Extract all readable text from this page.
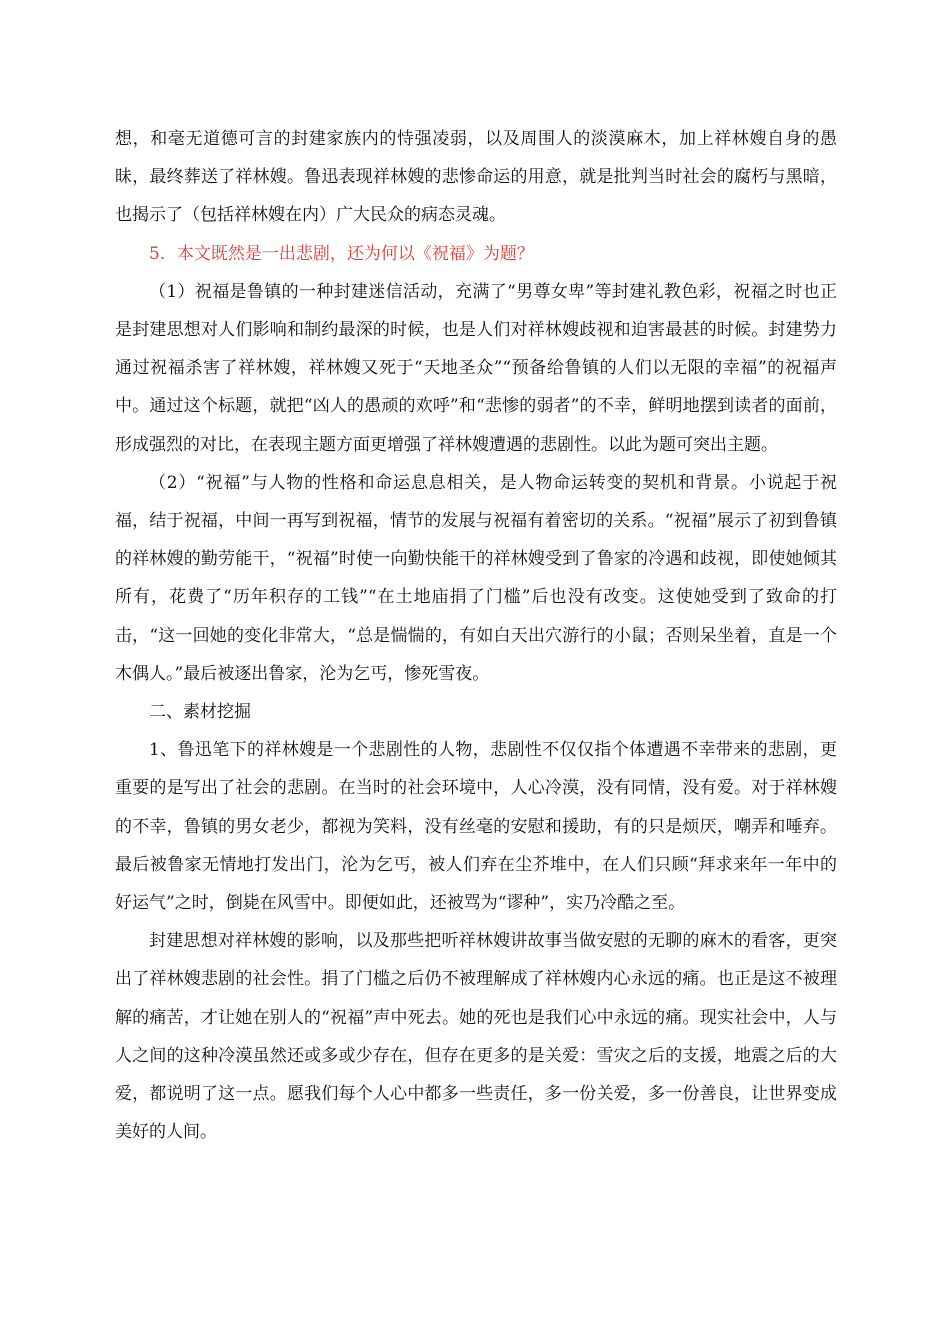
想，和毫无道德可言的封建家族内的恃强凌弱，以及周围人的淡漠麻木，加上祥林嫂自身的愚昧，最终葬送了祥林嫂。鲁迅表现祥林嫂的悲惨命运的用意，就是批判当时社会的腐朽与黑暗，也揭示了（包括祥林嫂在内）广大民众的病态灵魂。

5．本文既然是一出悲剧，还为何以《祝福》为题？

（1）祝福是鲁镇的一种封建迷信活动，充满了“男尊女卑”等封建礼教色彩，祝福之时也正是封建思想对人们影响和制约最深的时候，也是人们对祥林嫂歧视和迫害最甚的时候。封建势力通过祝福杀害了祥林嫂，祥林嫂又死于“天地圣众”“预备给鲁镇的人们以无限的幸福”的祝福声中。通过这个标题，就把“凶人的愚顽的欢呼”和“悲惨的弱者”的不幸，鲜明地摆到读者的面前，形成强烈的对比，在表现主题方面更增强了祥林嫂遭遇的悲剧性。以此为题可突出主题。

（2）“祝福”与人物的性格和命运息息相关，是人物命运转变的契机和背景。小说起于祝福，结于祝福，中间一再写到祝福，情节的发展与祝福有着密切的关系。“祝福”展示了初到鲁镇的祥林嫂的勤劳能干，“祝福”时使一向勤快能干的祥林嫂受到了鲁家的冷遇和歧视，即使她倾其所有，花费了“历年积存的工钱”“在土地庙捐了门槛”后也没有改变。这使她受到了致命的打击，“这一回她的变化非常大，“总是惴惴的，有如白天出穴游行的小鼠；否则呆坐着，直是一个木偶人。”最后被逐出鲁家，沦为乞丐，惨死雪夜。

二、素材挖掘

1、鲁迅笔下的祥林嫂是一个悲剧性的人物，悲剧性不仅仅指个体遭遇不幸带来的悲剧，更重要的是写出了社会的悲剧。在当时的社会环境中，人心冷漠，没有同情，没有爱。对于祥林嫂的不幸，鲁镇的男女老少，都视为笑料，没有丝毫的安慰和援助，有的只是烦厌，嘲弄和唾弃。最后被鲁家无情地打发出门，沦为乞丐，被人们弃在尘芥堆中，在人们只顾“拜求来年一年中的好运气”之时，倒毙在风雪中。即便如此，还被骂为“谬种”，实乃冷酷之至。

封建思想对祥林嫂的影响，以及那些把听祥林嫂讲故事当做安慰的无聊的麻木的看客，更突出了祥林嫂悲剧的社会性。捐了门槛之后仍不被理解成了祥林嫂内心永远的痛。也正是这不被理解的痛苦，才让她在别人的“祝福”声中死去。她的死也是我们心中永远的痛。现实社会中，人与人之间的这种冷漠虽然还或多或少存在，但存在更多的是关爱：雪灾之后的支援，地震之后的大爱，都说明了这一点。愿我们每个人心中都多一些责任，多一份关爱，多一份善良，让世界变成美好的人间。
